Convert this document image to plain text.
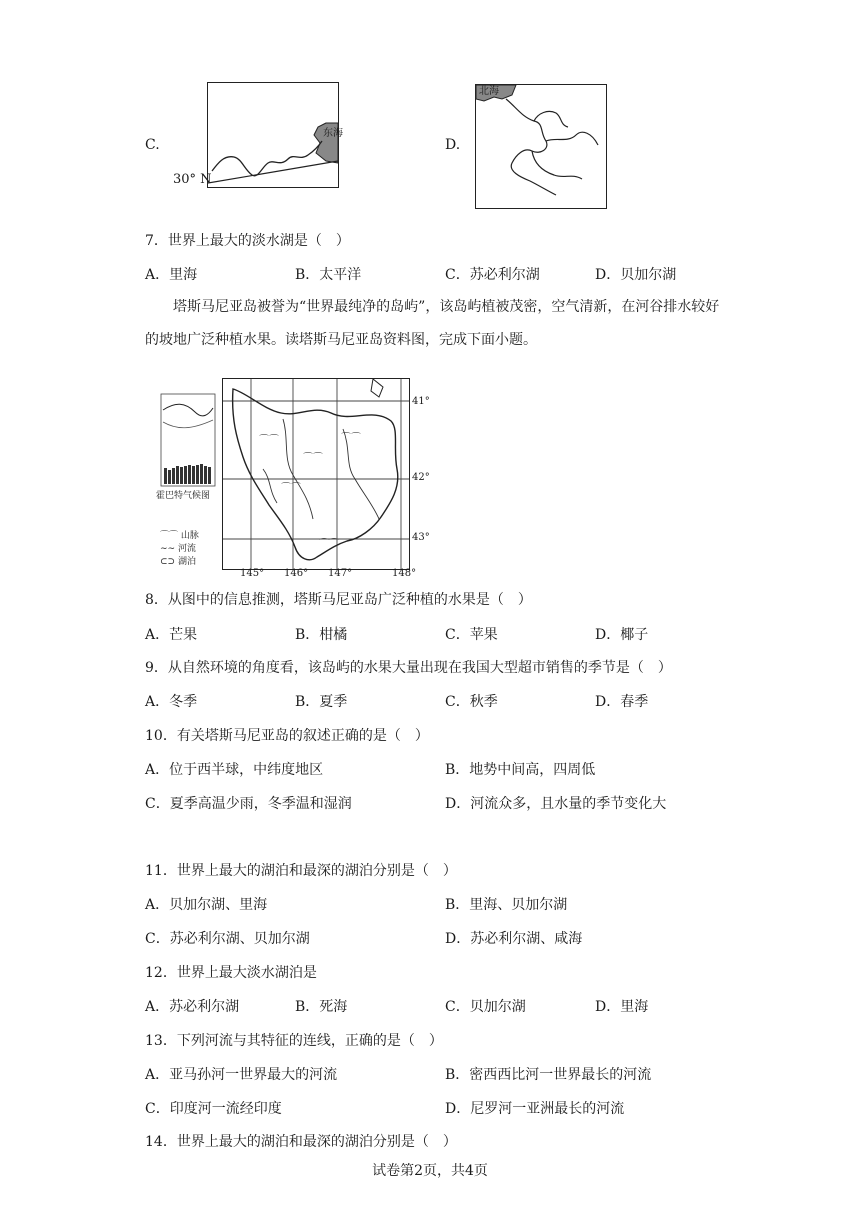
C.
东海
30° N
D.
北海
7．世界上最大的淡水湖是（　）
A．里海	B．太平洋	C．苏必利尔湖	D．贝加尔湖
塔斯马尼亚岛被誉为“世界最纯净的岛屿”，该岛屿植被茂密，空气清新，在河谷排水较好的坡地广泛种植水果。读塔斯马尼亚岛资料图，完成下面小题。
霍巴特气候图
⌒⌒ 山脉
∼∼ 河流
⊂⊃ 湖泊
⌒⌒
⌒⌒
⌒⌒
⌒⌒
⌒⌒
41°
42°
43°
145° 146° 147°	148°
8．从图中的信息推测，塔斯马尼亚岛广泛种植的水果是（　）
A．芒果	B．柑橘	C．苹果	D．椰子
9．从自然环境的角度看，该岛屿的水果大量出现在我国大型超市销售的季节是（　）
A．冬季	B．夏季	C．秋季	D．春季
10．有关塔斯马尼亚岛的叙述正确的是（　）
A．位于西半球，中纬度地区	B．地势中间高，四周低
C．夏季高温少雨，冬季温和湿润	D．河流众多，且水量的季节变化大
11．世界上最大的湖泊和最深的湖泊分别是（　）
A．贝加尔湖、里海	B．里海、贝加尔湖
C．苏必利尔湖、贝加尔湖	D．苏必利尔湖、咸海
12．世界上最大淡水湖泊是
A．苏必利尔湖	B．死海	C．贝加尔湖	D．里海
13．下列河流与其特征的连线，正确的是（　）
A．亚马孙河一世界最大的河流	B．密西西比河一世界最长的河流
C．印度河一流经印度	D．尼罗河一亚洲最长的河流
14．世界上最大的湖泊和最深的湖泊分别是（　）
试卷第2页，共4页
